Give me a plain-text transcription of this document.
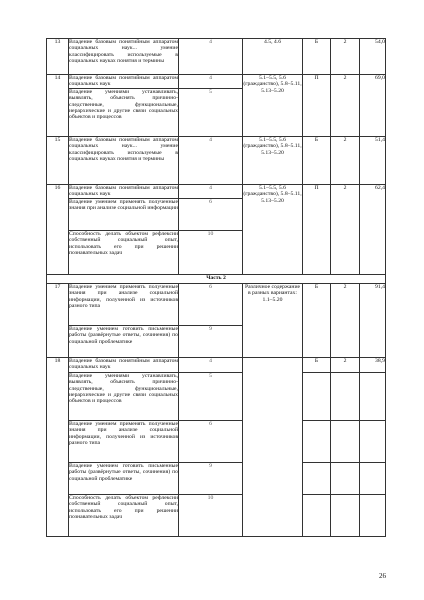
13	Владение базовым понятийным аппаратом социальных наук... умение классифицировать используемые в социальных науках понятия и термины	4	4.5, 4.6	Б	2	54,0
14	Владение базовым понятийным аппаратом социальных наук	4	5.1–5.5, 5.6 (гражданство), 5.8–5.11, 5.13–5.20	П	2	69,0
	Владение умениями устанавливать, выявлять, объяснять причинно-следственные, функциональные, иерархические и другие связи социальных объектов и процессов	5				
15	Владение базовым понятийным аппаратом социальных наук... умение классифицировать используемые в социальных науках понятия и термины	4	5.1–5.5, 5.6 (гражданство), 5.8–5.11, 5.13–5.20	Б	2	51,4
16	Владение базовым понятийным аппаратом социальных наук	4	5.1–5.5, 5.6 (гражданство), 5.8–5.11, 5.13–5.20	П	2	62,4
	Владение умением применять полученные знания при анализе социальной информации	6				
	Способность делать объектом рефлексии собственный социальный опыт, использовать его при решении познавательных задач	10				
Часть 2						
17	Владение умением применять полученные знания при анализе социальной информации, полученной из источников разного типа	6	Различное содержание в разных вариантах: 1.1–5.20	Б	2	91,4
	Владение умением готовить письменные работы (развёрнутые ответы, сочинения) по социальной проблематике	9				
18	Владение базовым понятийным аппаратом социальных наук	4		Б	2	38,9
	Владение умениями устанавливать, выявлять, объяснять причинно-следственные, функциональные, иерархические и другие связи социальных объектов и процессов	5				
	Владение умением применять полученные знания при анализе социальной информации, полученной из источников разного типа	6				
	Владение умением готовить письменные работы (развёрнутые ответы, сочинения) по социальной проблематике	9				
	Способность делать объектом рефлексии собственный социальный опыт, использовать его при решении познавательных задач	10				
26
